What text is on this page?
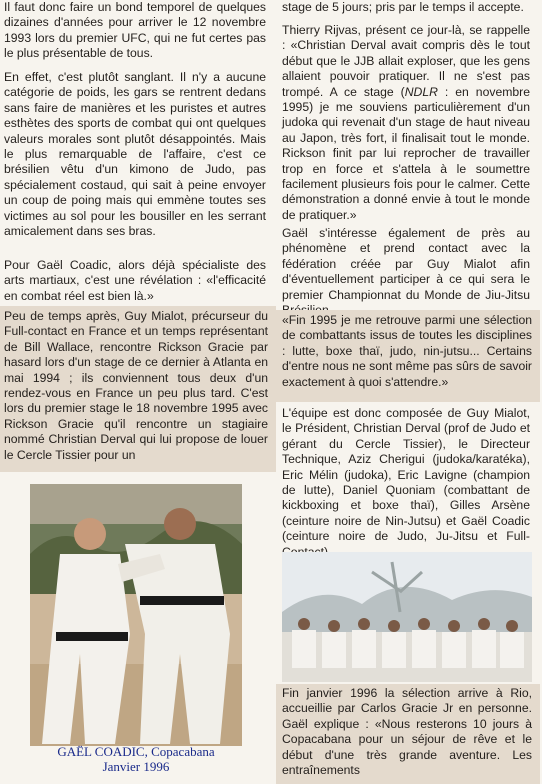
Il faut donc faire un bond temporel de quelques dizaines d'années pour arriver le 12 novembre 1993 lors du premier UFC, qui ne fut certes pas le plus présentable de tous.

En effet, c'est plutôt sanglant. Il n'y a aucune catégorie de poids, les gars se rentrent dedans sans faire de manières et les puristes et autres esthètes des sports de combat qui ont quelques valeurs morales sont plutôt désappointés. Mais le plus remarquable de l'affaire, c'est ce brésilien vêtu d'un kimono de Judo, pas spécialement costaud, qui sait à peine envoyer un coup de poing mais qui emmène toutes ses victimes au sol pour les bousiller en les serrant amicalement dans ses bras.

Pour Gaël Coadic, alors déjà spécialiste des arts martiaux, c'est une révélation : «l'efficacité en combat réel est bien là.»

Peu de temps après, Guy Mialot, précurseur du Full-contact en France et un temps représentant de Bill Wallace, rencontre Rickson Gracie par hasard lors d'un stage de ce dernier à Atlanta en mai 1994 ; ils conviennent tous deux d'un rendez-vous en France un peu plus tard. C'est lors du premier stage le 18 novembre 1995 avec Rickson Gracie qu'il rencontre un stagiaire nommé Christian Derval qui lui propose de louer le Cercle Tissier pour un

GAËL COADIC, Copacabana
Janvier 1996

stage de 5 jours; pris par le temps il accepte.

Thierry Rijvas, présent ce jour-là, se rappelle : «Christian Derval avait compris dès le tout début que le JJB allait exploser, que les gens allaient pouvoir pratiquer. Il ne s'est pas trompé. A ce stage (NDLR : en novembre 1995) je me souviens particulièrement d'un judoka qui revenait d'un stage de haut niveau au Japon, très fort, il finalisait tout le monde. Rickson finit par lui reprocher de travailler trop en force et s'attela à le soumettre facilement plusieurs fois pour le calmer. Cette démonstration a donné envie à tout le monde de pratiquer.»

Gaël s'intéresse également de près au phénomène et prend contact avec la fédération créée par Guy Mialot afin d'éventuellement participer à ce qui sera le premier Championnat du Monde de Jiu-Jitsu

«Fin 1995 je me retrouve parmi une sélection de combattants issus de toutes les disciplines : lutte, boxe thaï, judo, nin-jutsu... Certains d'entre nous ne sont même pas sûrs de savoir exactement à quoi s'attendre.»

L'équipe est donc composée de Guy Mialot, le Président, Christian Derval (prof de Judo et gérant du Cercle Tissier), le Directeur Technique, Aziz Cherigui (judoka/karatéka), Eric Mélin (judoka), Eric Lavigne (champion de lutte), Daniel Quoniam (combattant de kickboxing et boxe thaï), Gilles Arsène (ceinture noire de Nin-Jutsu) et Gaël Coadic (ceinture noire de Judo, Ju-Jitsu et Full-

Fin janvier 1996 la sélection arrive à Rio, accueillie par Carlos Gracie Jr en personne. Gaël explique : «Nous resterons 10 jours à Copacabana pour un séjour de rêve et le début d'une très grande aventure. Les entraînements
